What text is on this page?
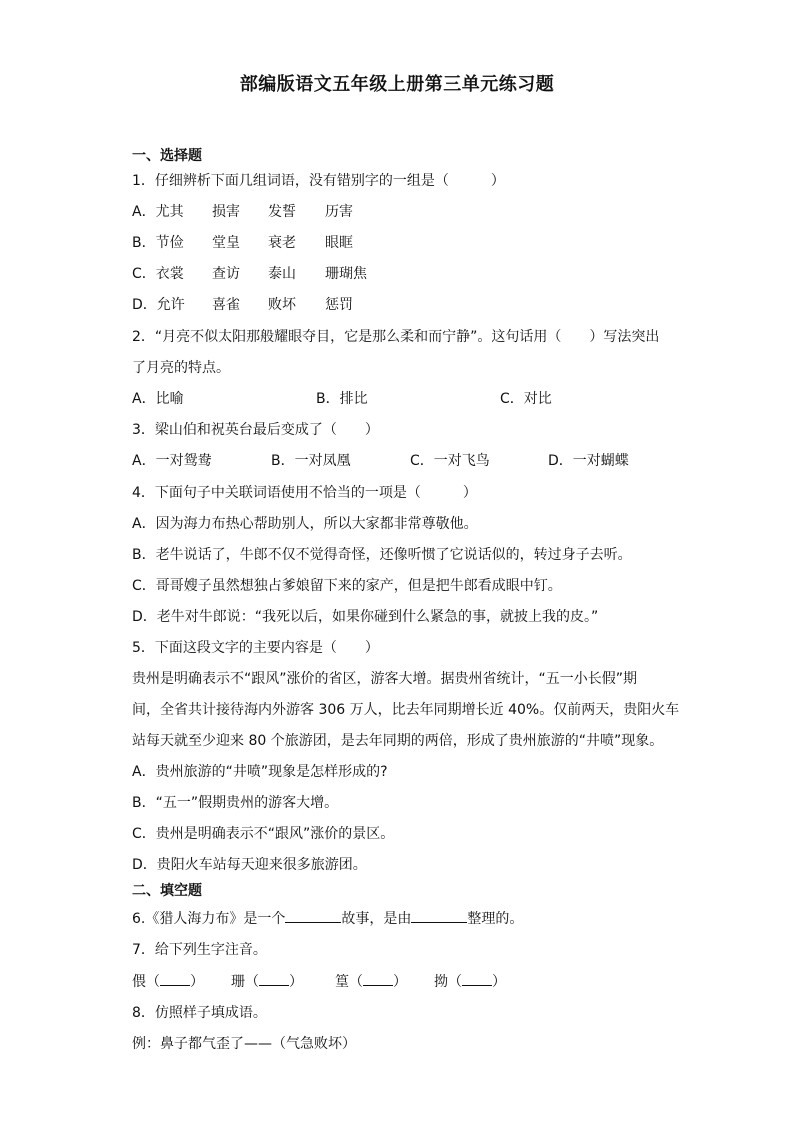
部编版语文五年级上册第三单元练习题
一、选择题
1．仔细辨析下面几组词语，没有错别字的一组是（　　　）
A．尤其 损害 发誓 历害
B．节俭 堂皇 衰老 眼眶
C．衣裳 查访 泰山 珊瑚焦
D．允许 喜雀 败坏 惩罚
2．“月亮不似太阳那般耀眼夺目，它是那么柔和而宁静”。这句话用（　　）写法突出
了月亮的特点。
A．比喻	B．排比	C．对比
3．梁山伯和祝英台最后变成了（　　）
A．一对鸳鸯	B．一对凤凰	C．一对飞鸟	D．一对蝴蝶
4．下面句子中关联词语使用不恰当的一项是（　　　）
A．因为海力布热心帮助别人，所以大家都非常尊敬他。
B．老牛说话了，牛郎不仅不觉得奇怪，还像听惯了它说话似的，转过身子去听。
C．哥哥嫂子虽然想独占爹娘留下来的家产，但是把牛郎看成眼中钉。
D．老牛对牛郎说：“我死以后，如果你碰到什么紧急的事，就披上我的皮。”
5．下面这段文字的主要内容是（　　）
贵州是明确表示不“跟风”涨价的省区，游客大增。据贵州省统计，“五一小长假”期
间，全省共计接待海内外游客 306 万人，比去年同期增长近 40%。仅前两天，贵阳火车
站每天就至少迎来 80 个旅游团，是去年同期的两倍，形成了贵州旅游的“井喷”现象。
A．贵州旅游的“井喷”现象是怎样形成的?
B．“五一”假期贵州的游客大增。
C．贵州是明确表示不“跟风”涨价的景区。
D．贵阳火车站每天迎来很多旅游团。
二、填空题
6.《猎人海力布》是一个	故事，是由	整理的。
7．给下列生字注音。
偎（ ） 珊（ ） 篁（ ） 拗（ ）
8．仿照样子填成语。
例：鼻子都气歪了——（气急败坏）
